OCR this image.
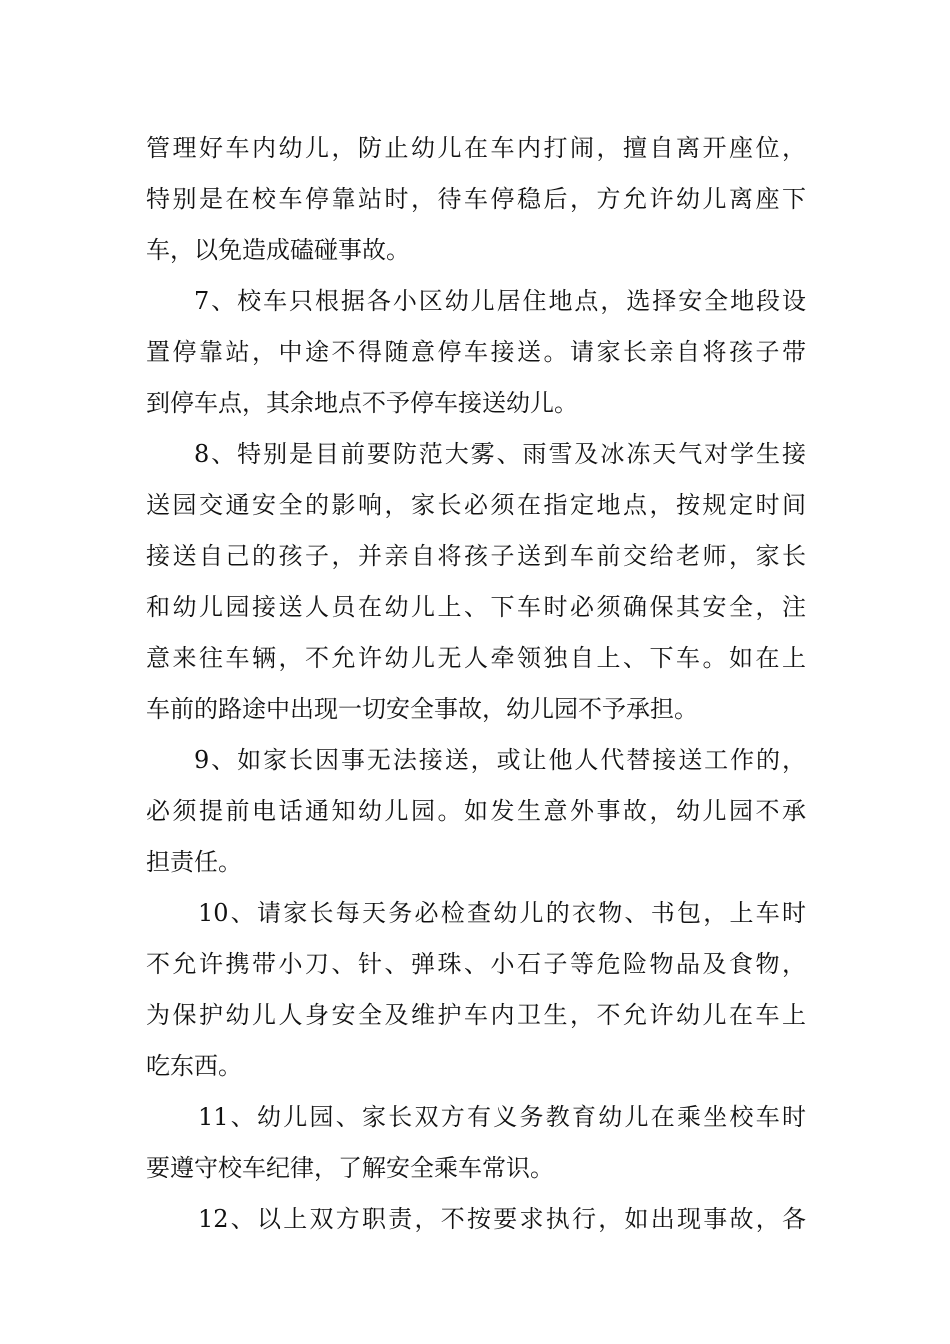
管理好车内幼儿，防止幼儿在车内打闹，擅自离开座位，
特别是在校车停靠站时，待车停稳后，方允许幼儿离座下
车，以免造成磕碰事故。
7、校车只根据各小区幼儿居住地点，选择安全地段设
置停靠站，中途不得随意停车接送。请家长亲自将孩子带
到停车点，其余地点不予停车接送幼儿。
8、特别是目前要防范大雾、雨雪及冰冻天气对学生接
送园交通安全的影响，家长必须在指定地点，按规定时间
接送自己的孩子，并亲自将孩子送到车前交给老师，家长
和幼儿园接送人员在幼儿上、下车时必须确保其安全，注
意来往车辆，不允许幼儿无人牵领独自上、下车。如在上
车前的路途中出现一切安全事故，幼儿园不予承担。
9、如家长因事无法接送，或让他人代替接送工作的，
必须提前电话通知幼儿园。如发生意外事故，幼儿园不承
担责任。
10、请家长每天务必检查幼儿的衣物、书包，上车时
不允许携带小刀、针、弹珠、小石子等危险物品及食物，
为保护幼儿人身安全及维护车内卫生，不允许幼儿在车上
吃东西。
11、幼儿园、家长双方有义务教育幼儿在乘坐校车时
要遵守校车纪律，了解安全乘车常识。
12、以上双方职责，不按要求执行，如出现事故，各
